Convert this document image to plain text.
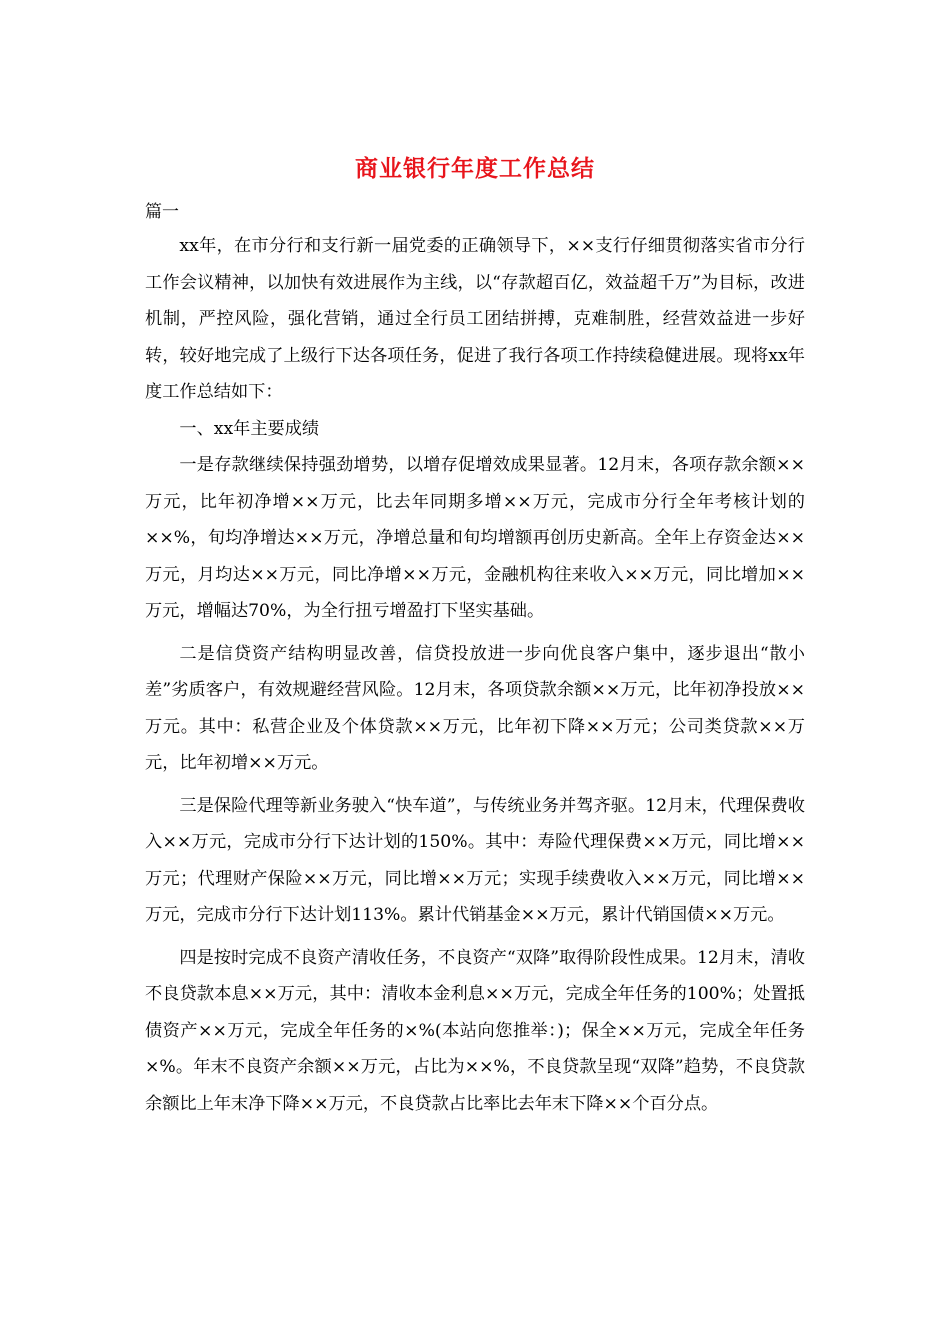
商业银行年度工作总结
篇一

xx年，在市分行和支行新一届党委的正确领导下，××支行仔细贯彻落实省市分行工作会议精神，以加快有效进展作为主线，以“存款超百亿，效益超千万”为目标，改进机制，严控风险，强化营销，通过全行员工团结拼搏，克难制胜，经营效益进一步好转，较好地完成了上级行下达各项任务，促进了我行各项工作持续稳健进展。现将xx年度工作总结如下：

一、xx年主要成绩

一是存款继续保持强劲增势，以增存促增效成果显著。12月末，各项存款余额××万元，比年初净增××万元，比去年同期多增××万元，完成市分行全年考核计划的××%，旬均净增达××万元，净增总量和旬均增额再创历史新高。全年上存资金达××万元，月均达××万元，同比净增××万元，金融机构往来收入××万元，同比增加××万元，增幅达70%，为全行扭亏增盈打下坚实基础。

二是信贷资产结构明显改善，信贷投放进一步向优良客户集中，逐步退出“散小差”劣质客户，有效规避经营风险。12月末，各项贷款余额××万元，比年初净投放××万元。其中：私营企业及个体贷款××万元，比年初下降××万元；公司类贷款××万元，比年初增××万元。

三是保险代理等新业务驶入“快车道”，与传统业务并驾齐驱。12月末，代理保费收入××万元，完成市分行下达计划的150%。其中：寿险代理保费××万元，同比增××万元；代理财产保险××万元，同比增××万元；实现手续费收入××万元，同比增××万元，完成市分行下达计划113%。累计代销基金××万元，累计代销国债××万元。

四是按时完成不良资产清收任务，不良资产“双降”取得阶段性成果。12月末，清收不良贷款本息××万元，其中：清收本金利息××万元，完成全年任务的100%；处置抵债资产××万元，完成全年任务的×%(本站向您推举：)；保全××万元，完成全年任务×%。年末不良资产余额××万元，占比为××%，不良贷款呈现“双降”趋势，不良贷款余额比上年末净下降××万元，不良贷款占比率比去年末下降××个百分点。
